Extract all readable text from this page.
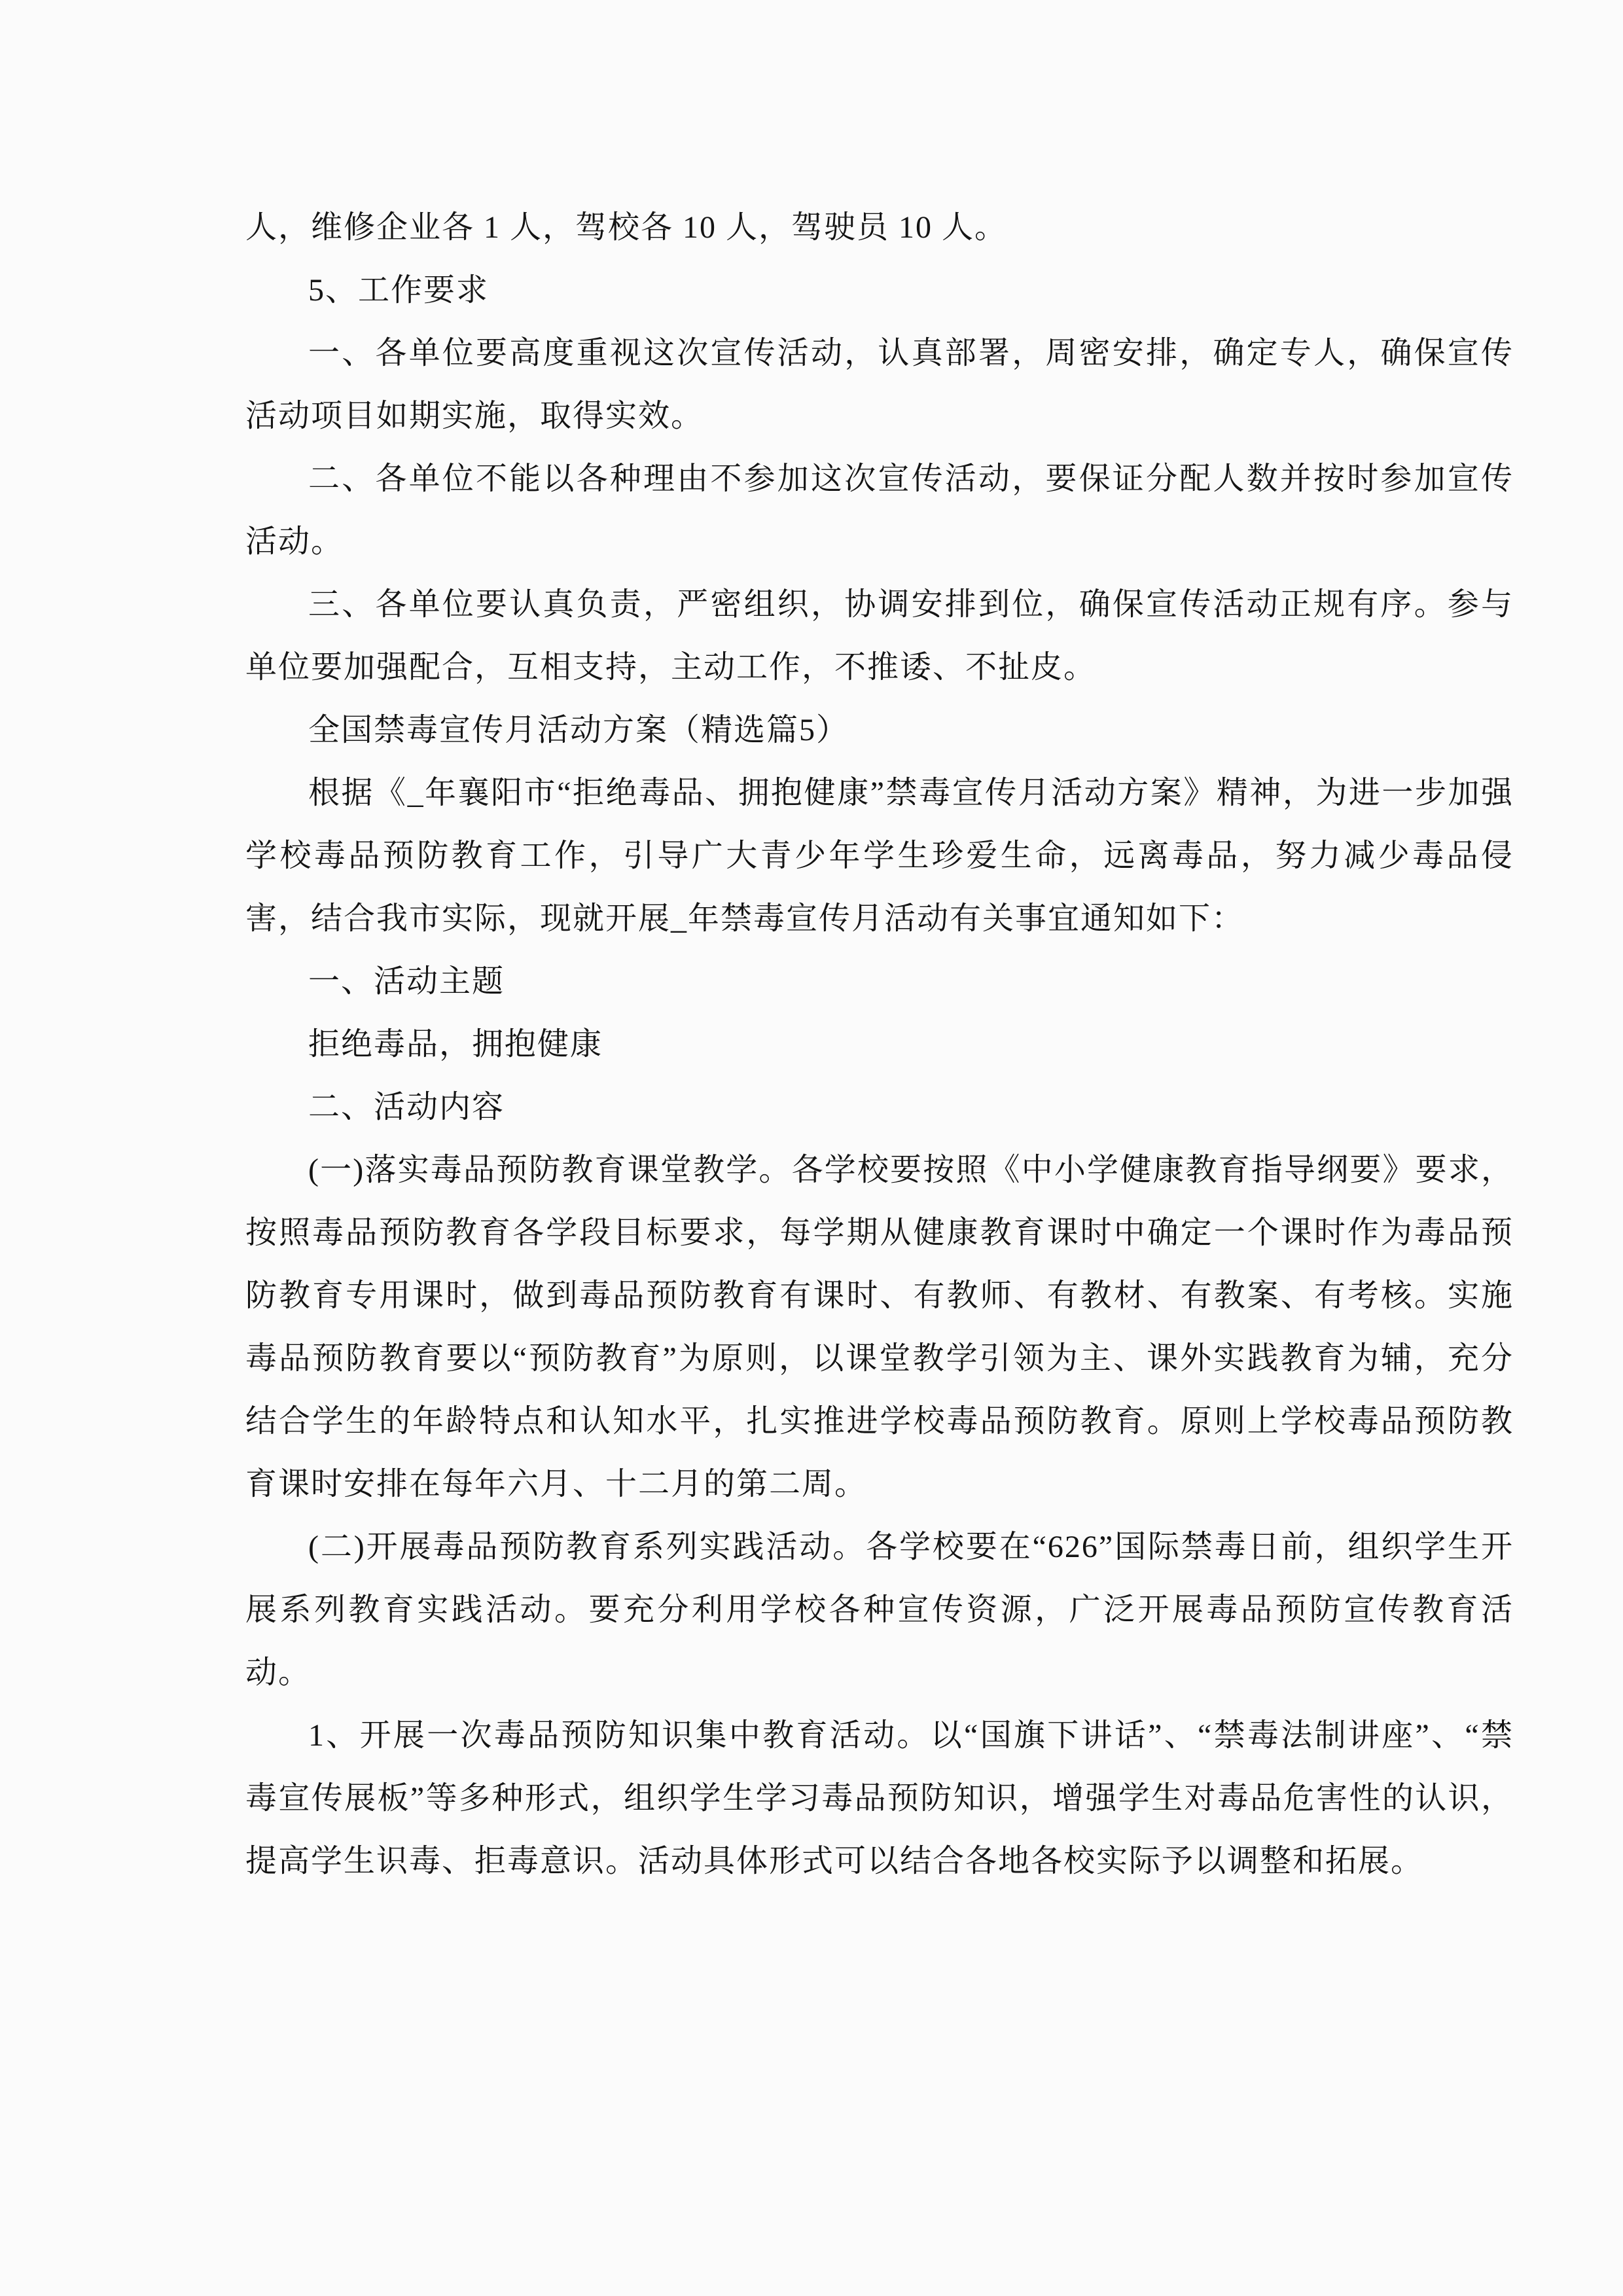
人，维修企业各 1 人，驾校各 10 人，驾驶员 10 人。

5、工作要求

一、各单位要高度重视这次宣传活动，认真部署，周密安排，确定专人，确保宣传活动项目如期实施，取得实效。

二、各单位不能以各种理由不参加这次宣传活动，要保证分配人数并按时参加宣传活动。

三、各单位要认真负责，严密组织，协调安排到位，确保宣传活动正规有序。参与单位要加强配合，互相支持，主动工作，不推诿、不扯皮。

全国禁毒宣传月活动方案（精选篇5）

根据《_年襄阳市“拒绝毒品、拥抱健康”禁毒宣传月活动方案》精神，为进一步加强学校毒品预防教育工作，引导广大青少年学生珍爱生命，远离毒品，努力减少毒品侵害，结合我市实际，现就开展_年禁毒宣传月活动有关事宜通知如下：

一、活动主题

拒绝毒品，拥抱健康

二、活动内容

(一)落实毒品预防教育课堂教学。各学校要按照《中小学健康教育指导纲要》要求，按照毒品预防教育各学段目标要求，每学期从健康教育课时中确定一个课时作为毒品预防教育专用课时，做到毒品预防教育有课时、有教师、有教材、有教案、有考核。实施毒品预防教育要以“预防教育”为原则，以课堂教学引领为主、课外实践教育为辅，充分结合学生的年龄特点和认知水平，扎实推进学校毒品预防教育。原则上学校毒品预防教育课时安排在每年六月、十二月的第二周。

(二)开展毒品预防教育系列实践活动。各学校要在“626”国际禁毒日前，组织学生开展系列教育实践活动。要充分利用学校各种宣传资源，广泛开展毒品预防宣传教育活动。

1、开展一次毒品预防知识集中教育活动。以“国旗下讲话”、“禁毒法制讲座”、“禁毒宣传展板”等多种形式，组织学生学习毒品预防知识，增强学生对毒品危害性的认识，提高学生识毒、拒毒意识。活动具体形式可以结合各地各校实际予以调整和拓展。
